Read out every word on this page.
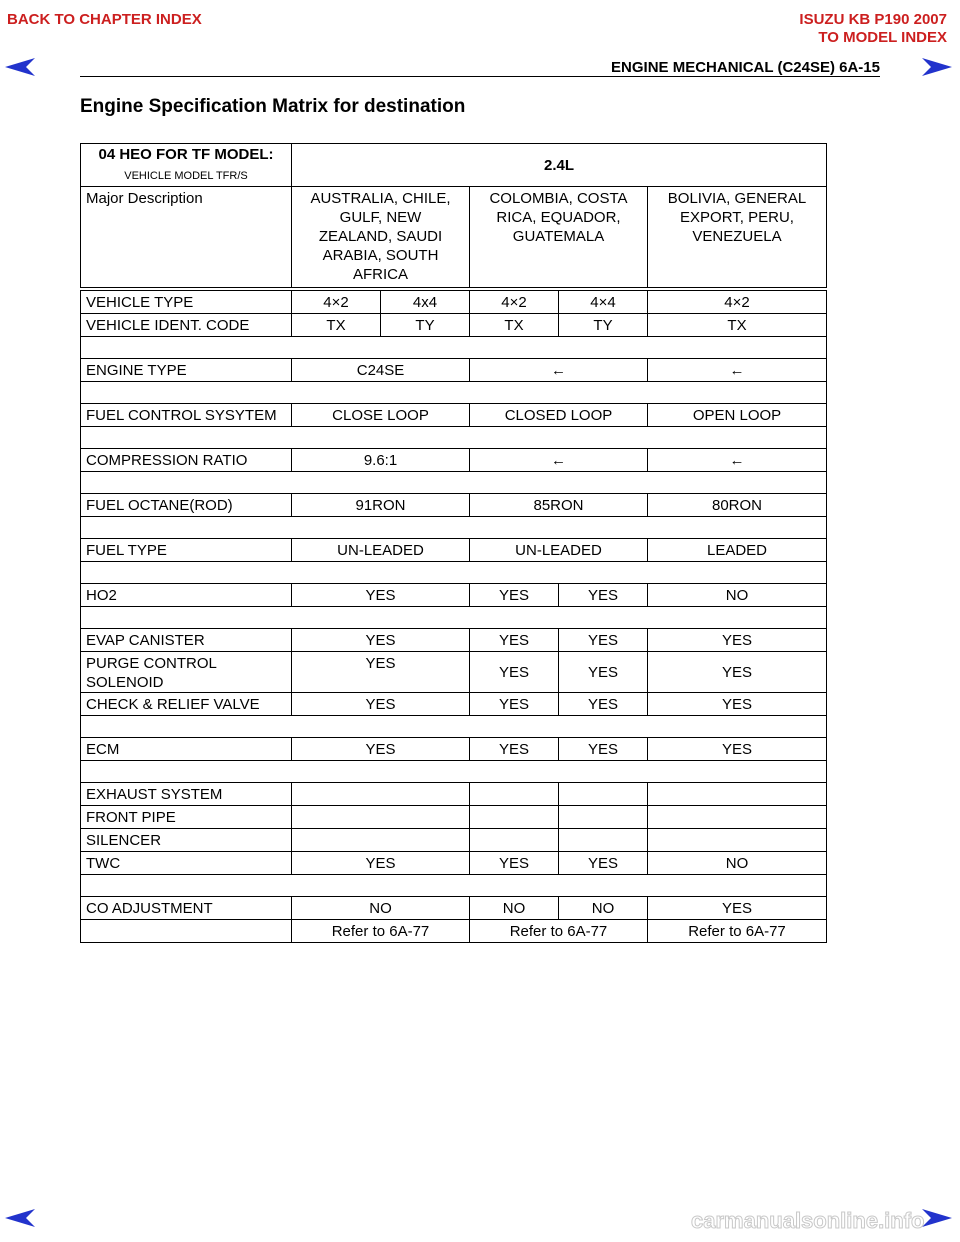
BACK TO CHAPTER INDEX	ISUZU KB P190 2007
TO MODEL INDEX
ENGINE MECHANICAL (C24SE) 6A-15
Engine Specification Matrix for destination
04 HEO FOR TF MODEL:
VEHICLE MODEL TFR/S	2.4L				
Major Description	AUSTRALIA, CHILE, GULF, NEW ZEALAND, SAUDI ARABIA, SOUTH AFRICA		COLOMBIA, COSTA RICA, EQUADOR, GUATEMALA		BOLIVIA, GENERAL EXPORT, PERU, VENEZUELA
VEHICLE TYPE	4×2	4x4	4×2	4×4	4×2
VEHICLE IDENT. CODE	TX	TY	TX	TY	TX

ENGINE TYPE	C24SE		←		←

FUEL CONTROL SYSYTEM	CLOSE LOOP		CLOSED LOOP		OPEN LOOP

COMPRESSION RATIO	9.6:1		←		←

FUEL OCTANE(ROD)	91RON		85RON		80RON

FUEL TYPE	UN-LEADED		UN-LEADED		LEADED

HO2	YES		YES	YES	NO

EVAP CANISTER	YES		YES	YES	YES

PURGE CONTROL
SOLENOID	YES		YES	YES	YES
CHECK & RELIEF VALVE	YES		YES	YES	YES

ECM	YES		YES	YES	YES

EXHAUST SYSTEM					
FRONT PIPE					
SILENCER					
TWC	YES		YES	YES	NO

CO ADJUSTMENT	NO		NO	NO	YES
	Refer to 6A-77		Refer to 6A-77		Refer to 6A-77
carmanualsonline.info
